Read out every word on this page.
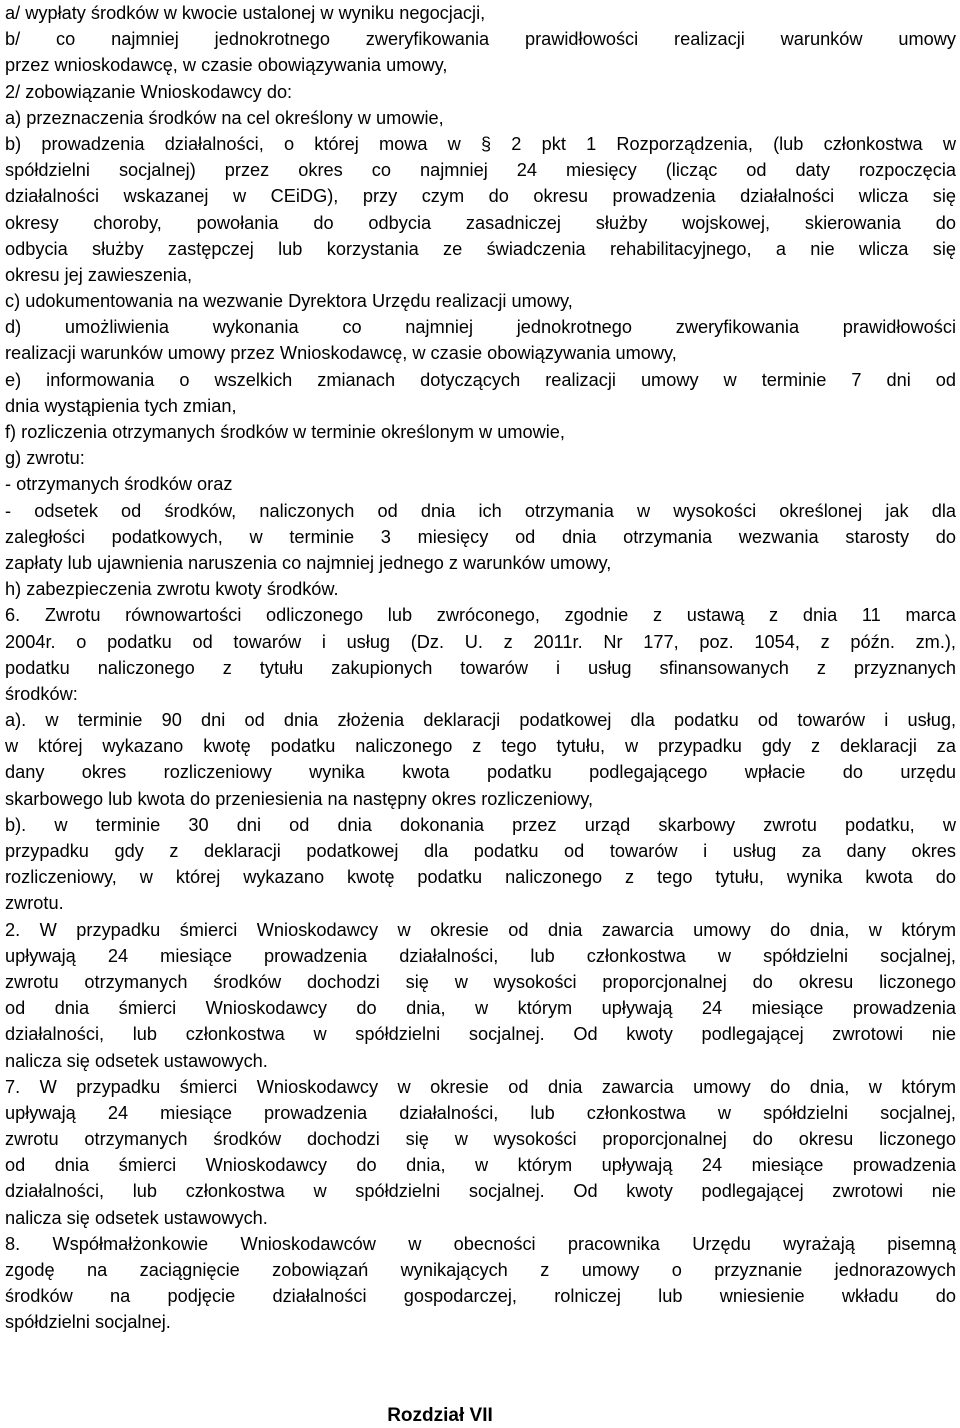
a/ wypłaty środków w kwocie ustalonej w wyniku negocjacji,
b/ co najmniej jednokrotnego zweryfikowania prawidłowości realizacji warunków umowy
przez wnioskodawcę, w czasie obowiązywania umowy,
2/ zobowiązanie Wnioskodawcy do:
a) przeznaczenia środków na cel określony w umowie,
b) prowadzenia działalności, o której mowa w § 2 pkt 1 Rozporządzenia, (lub członkostwa w
spółdzielni socjalnej) przez okres co najmniej 24 miesięcy (licząc od daty rozpoczęcia
działalności wskazanej w CEiDG), przy czym do okresu prowadzenia działalności wlicza się
okresy choroby, powołania do odbycia zasadniczej służby wojskowej, skierowania do
odbycia służby zastępczej lub korzystania ze świadczenia rehabilitacyjnego, a nie wlicza się
okresu jej zawieszenia,
c) udokumentowania na wezwanie Dyrektora Urzędu realizacji umowy,
d) umożliwienia wykonania co najmniej jednokrotnego zweryfikowania prawidłowości
realizacji warunków umowy przez Wnioskodawcę, w czasie obowiązywania umowy,
e) informowania o wszelkich zmianach dotyczących realizacji umowy w terminie 7 dni od
dnia wystąpienia tych zmian,
f) rozliczenia otrzymanych środków w terminie określonym w umowie,
g) zwrotu:
- otrzymanych środków oraz
- odsetek od środków, naliczonych od dnia ich otrzymania w wysokości określonej jak dla
zaległości podatkowych, w terminie 3 miesięcy od dnia otrzymania wezwania starosty do
zapłaty lub ujawnienia naruszenia co najmniej jednego z warunków umowy,
h) zabezpieczenia zwrotu kwoty środków.
6. Zwrotu równowartości odliczonego lub zwróconego, zgodnie z ustawą z dnia 11 marca
2004r. o podatku od towarów i usług (Dz. U. z 2011r. Nr 177, poz. 1054, z późn. zm.),
podatku naliczonego z tytułu zakupionych towarów i usług sfinansowanych z przyznanych
środków:
a). w terminie 90 dni od dnia złożenia deklaracji podatkowej dla podatku od towarów i usług,
w której wykazano kwotę podatku naliczonego z tego tytułu, w przypadku gdy z deklaracji za
dany okres rozliczeniowy wynika kwota podatku podlegającego wpłacie do urzędu
skarbowego lub kwota do przeniesienia na następny okres rozliczeniowy,
b). w terminie 30 dni od dnia dokonania przez urząd skarbowy zwrotu podatku, w
przypadku gdy z deklaracji podatkowej dla podatku od towarów i usług za dany okres
rozliczeniowy, w której wykazano kwotę podatku naliczonego z tego tytułu, wynika kwota do
zwrotu.
2. W przypadku śmierci Wnioskodawcy w okresie od dnia zawarcia umowy do dnia, w którym
upływają 24 miesiące prowadzenia działalności, lub członkostwa w spółdzielni socjalnej,
zwrotu otrzymanych środków dochodzi się w wysokości proporcjonalnej do okresu liczonego
od dnia śmierci Wnioskodawcy do dnia, w którym upływają 24 miesiące prowadzenia
działalności, lub członkostwa w spółdzielni socjalnej. Od kwoty podlegającej zwrotowi nie
nalicza się odsetek ustawowych.
7. W przypadku śmierci Wnioskodawcy w okresie od dnia zawarcia umowy do dnia, w którym
upływają 24 miesiące prowadzenia działalności, lub członkostwa w spółdzielni socjalnej,
zwrotu otrzymanych środków dochodzi się w wysokości proporcjonalnej do okresu liczonego
od dnia śmierci Wnioskodawcy do dnia, w którym upływają 24 miesiące prowadzenia
działalności, lub członkostwa w spółdzielni socjalnej. Od kwoty podlegającej zwrotowi nie
nalicza się odsetek ustawowych.
8. Współmałżonkowie Wnioskodawców w obecności pracownika Urzędu wyrażają pisemną
zgodę na zaciągnięcie zobowiązań wynikających z umowy o przyznanie jednorazowych
środków na podjęcie działalności gospodarczej, rolniczej lub wniesienie wkładu do
spółdzielni socjalnej.
Rozdział VII
